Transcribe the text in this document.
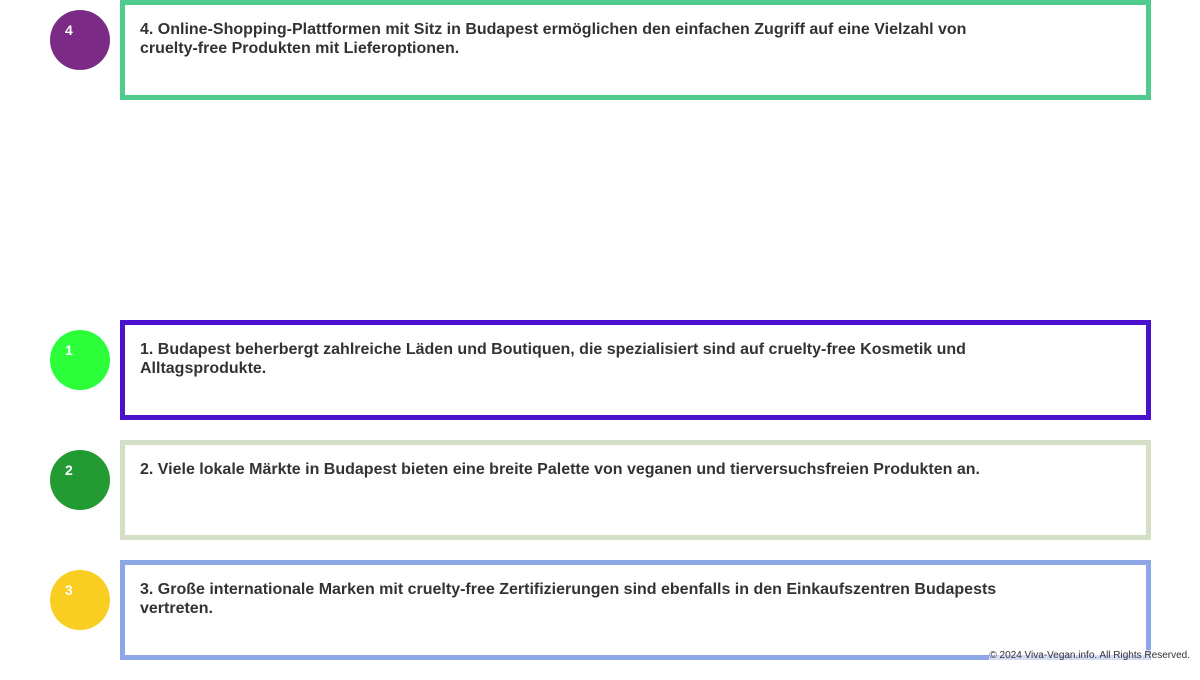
1	1. Budapest beherbergt zahlreiche Läden und Boutiquen, die spezialisiert sind auf cruelty-free Kosmetik und Alltagsprodukte.
2	2. Viele lokale Märkte in Budapest bieten eine breite Palette von veganen und tierversuchsfreien Produkten an.
3	3. Große internationale Marken mit cruelty-free Zertifizierungen sind ebenfalls in den Einkaufszentren Budapests vertreten.
4	4. Online-Shopping-Plattformen mit Sitz in Budapest ermöglichen den einfachen Zugriff auf eine Vielzahl von cruelty-free Produkten mit Lieferoptionen.
© 2024 Viva-Vegan.info. All Rights Reserved.
